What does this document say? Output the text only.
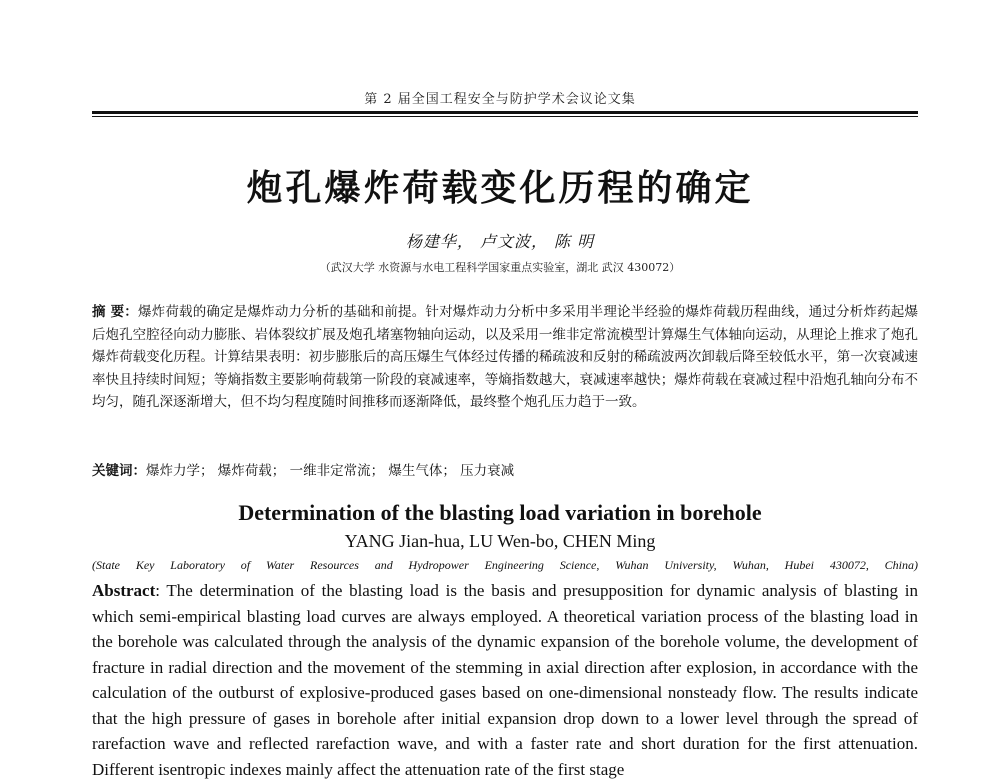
第 2 届全国工程安全与防护学术会议论文集
炮孔爆炸荷载变化历程的确定
杨建华， 卢文波， 陈 明
（武汉大学 水资源与水电工程科学国家重点实验室，湖北 武汉 430072）
摘 要：爆炸荷载的确定是爆炸动力分析的基础和前提。针对爆炸动力分析中多采用半理论半经验的爆炸荷载历程曲线，通过分析炸药起爆后炮孔空腔径向动力膨胀、岩体裂纹扩展及炮孔堵塞物轴向运动，以及采用一维非定常流模型计算爆生气体轴向运动，从理论上推求了炮孔爆炸荷载变化历程。计算结果表明：初步膨胀后的高压爆生气体经过传播的稀疏波和反射的稀疏波两次卸载后降至较低水平，第一次衰减速率快且持续时间短；等熵指数主要影响荷载第一阶段的衰减速率，等熵指数越大，衰减速率越快；爆炸荷载在衰减过程中沿炮孔轴向分布不均匀，随孔深逐渐增大，但不均匀程度随时间推移而逐渐降低，最终整个炮孔压力趋于一致。
关键词：爆炸力学； 爆炸荷载； 一维非定常流； 爆生气体； 压力衰减
Determination of the blasting load variation in borehole
YANG Jian-hua, LU Wen-bo, CHEN Ming
(State Key Laboratory of Water Resources and Hydropower Engineering Science, Wuhan University, Wuhan, Hubei 430072, China)
Abstract: The determination of the blasting load is the basis and presupposition for dynamic analysis of blasting in which semi-empirical blasting load curves are always employed. A theoretical variation process of the blasting load in the borehole was calculated through the analysis of the dynamic expansion of the borehole volume, the development of fracture in radial direction and the movement of the stemming in axial direction after explosion, in accordance with the calculation of the outburst of explosive-produced gases based on one-dimensional nonsteady flow. The results indicate that the high pressure of gases in borehole after initial expansion drop down to a lower level through the spread of rarefaction wave and reflected rarefaction wave, and with a faster rate and short duration for the first attenuation. Different isentropic indexes mainly affect the attenuation rate of the first stage
